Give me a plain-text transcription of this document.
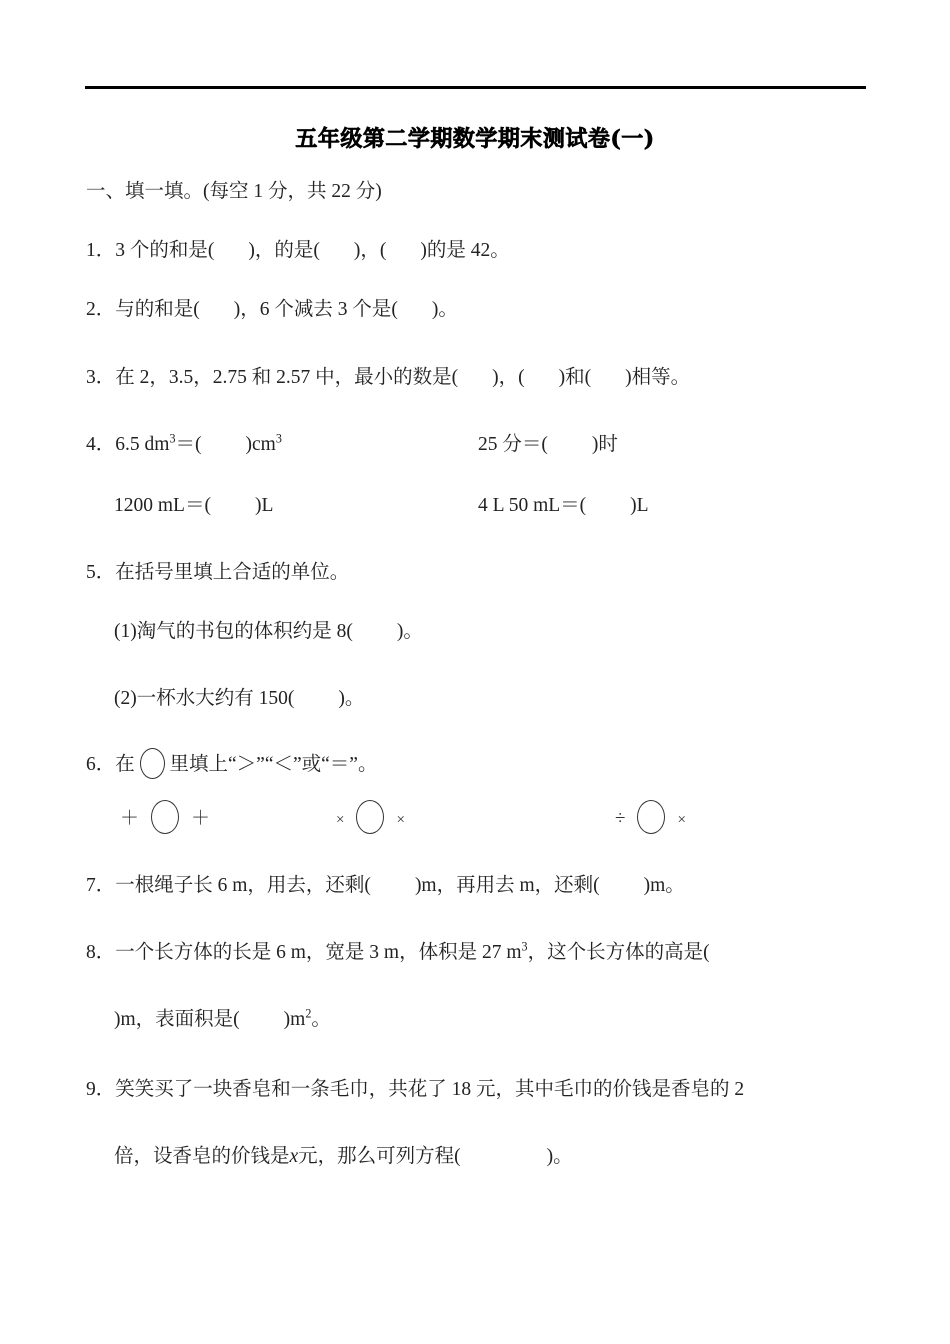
五年级第二学期数学期末测试卷(一)
一、填一填。(每空 1 分，共 22 分)
1．3 个的和是( )，的是( )，( )的是 42。
2．与的和是( )，6 个减去 3 个是( )。
3．在 2，3.5，2.75 和 2.57 中，最小的数是( )，( )和( )相等。
4．6.5 $dm^3=$( )$cm^3$	25 分＝( )时
1200 mL＝( )L	4 L 50 mL＝( )L
5．在括号里填上合适的单位。
(1)淘气的书包的体积约是 8( )。
(2)一杯水大约有 150( )。
6．在 里填上“＞”“＜”或“＝”。
＋	＋	×	×	÷	×
7．一根绳子长 6 m，用去，还剩( )m，再用去 m，还剩( )m。
8．一个长方体的长是 6 m，宽是 3 m，体积是 27 $m^3$，这个长方体的高是(
)m，表面积是( )$m^2$。
9．笑笑买了一块香皂和一条毛巾，共花了 18 元，其中毛巾的价钱是香皂的 2
倍，设香皂的价钱是x元，那么可列方程(	)。
